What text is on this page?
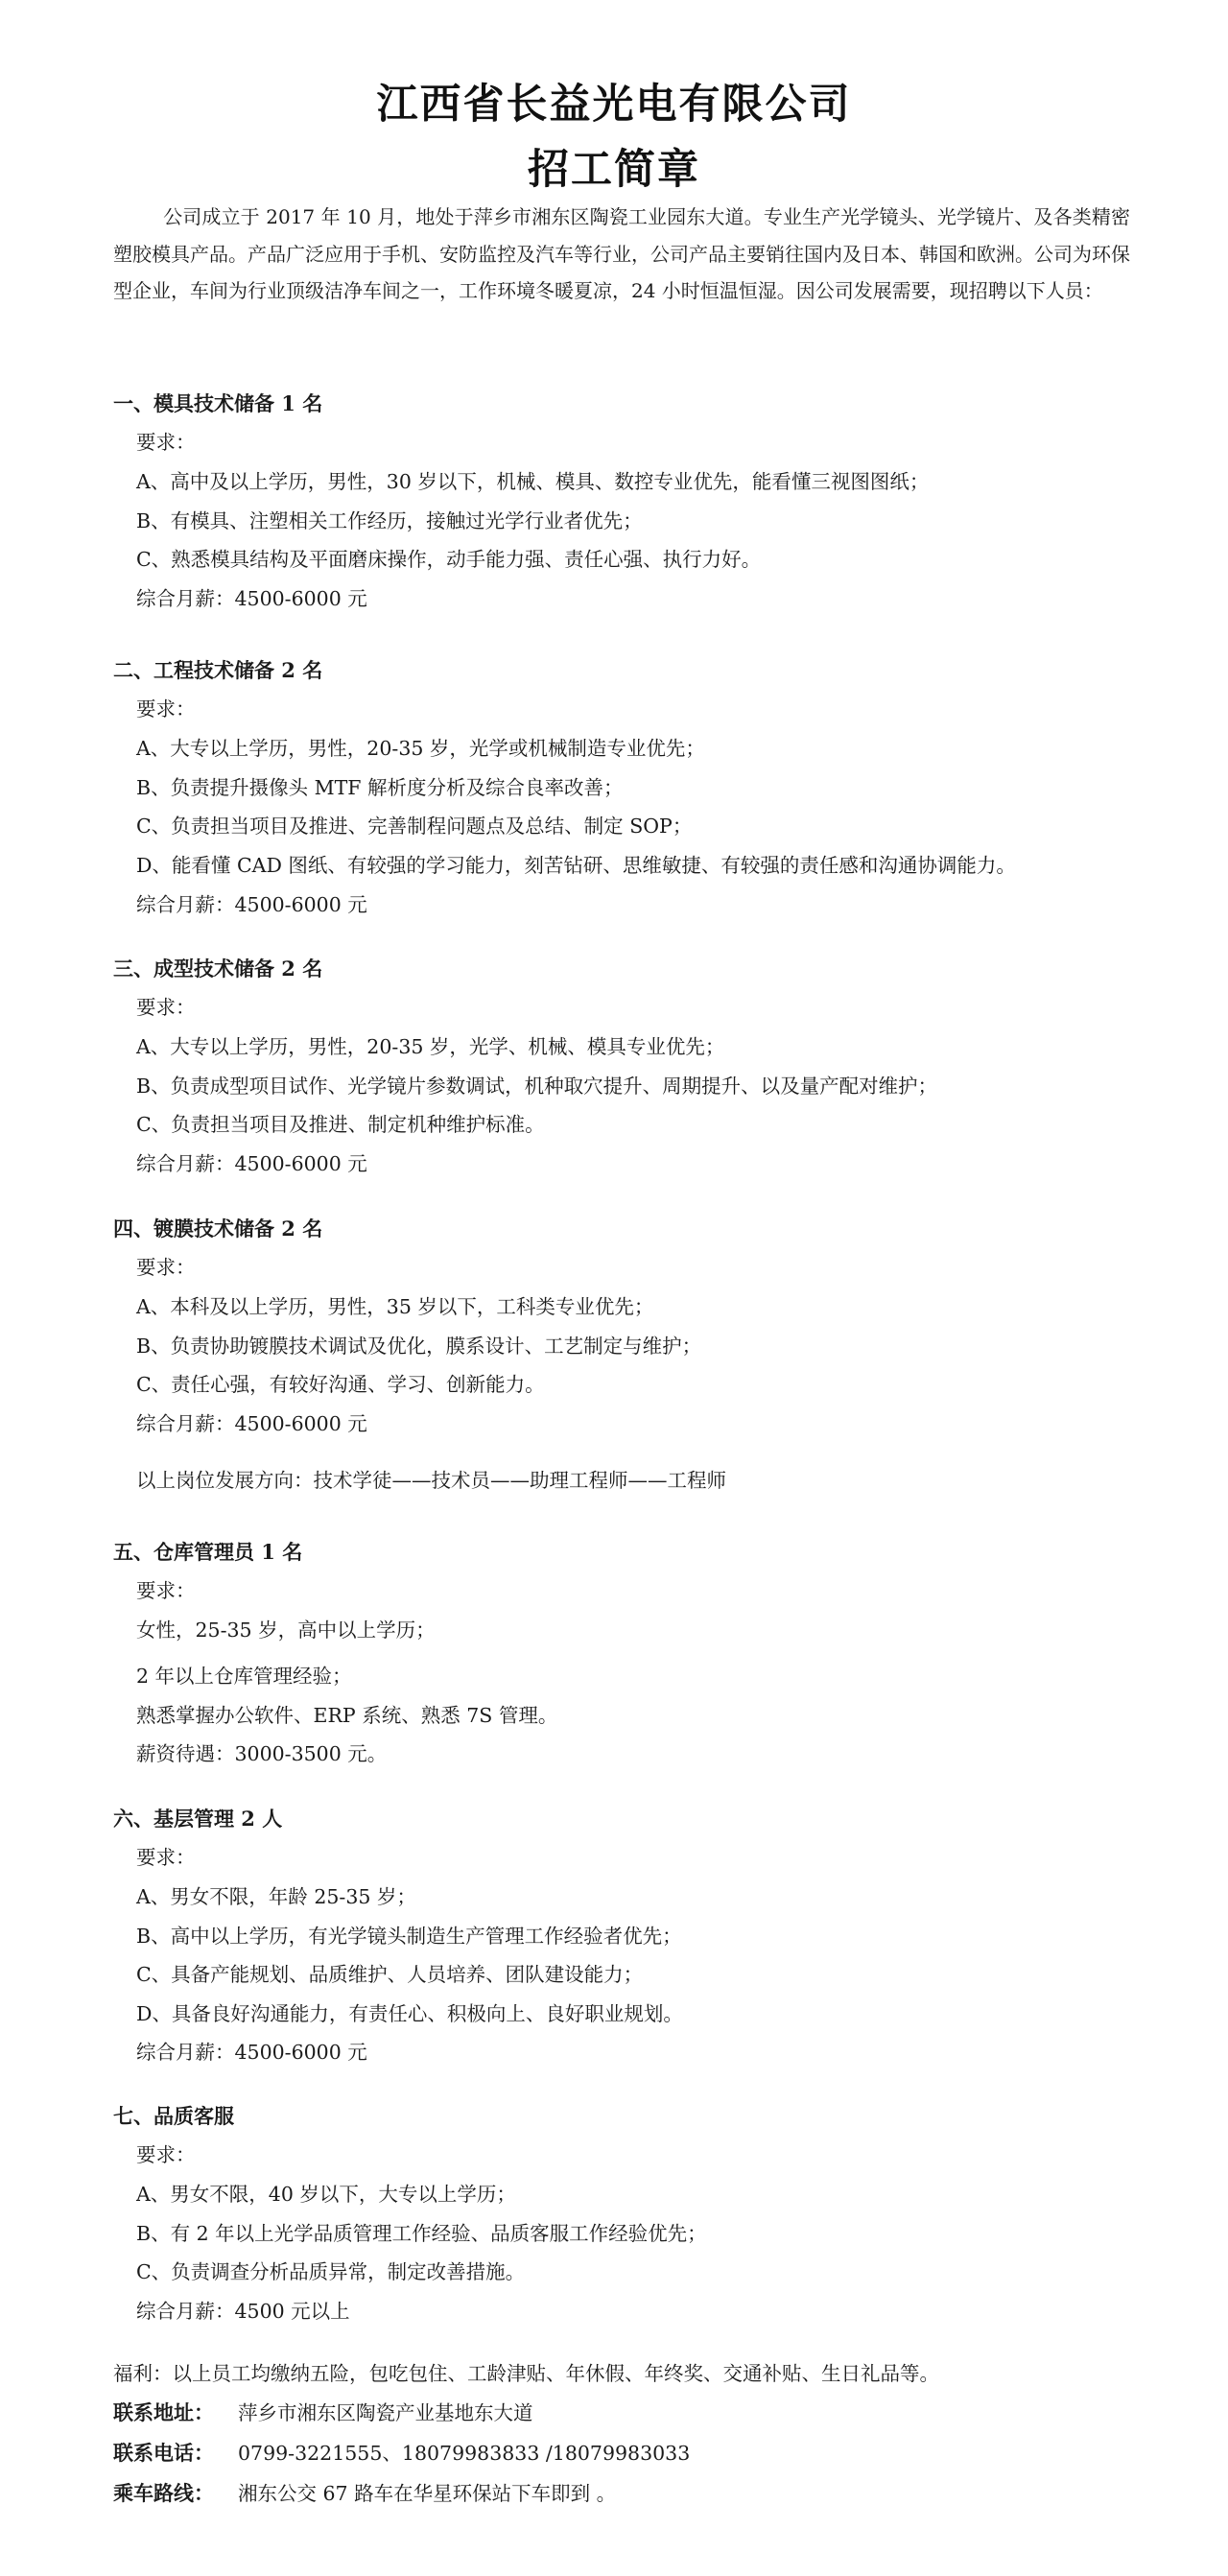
江西省长益光电有限公司
招工简章
公司成立于 2017 年 10 月，地处于萍乡市湘东区陶瓷工业园东大道。专业生产光学镜头、光学镜片、及各类精密塑胶模具产品。产品广泛应用于手机、安防监控及汽车等行业，公司产品主要销往国内及日本、韩国和欧洲。公司为环保型企业，车间为行业顶级洁净车间之一，工作环境冬暖夏凉，24 小时恒温恒湿。因公司发展需要，现招聘以下人员：
一、模具技术储备 1 名
要求：
A、高中及以上学历，男性，30 岁以下，机械、模具、数控专业优先，能看懂三视图图纸；
B、有模具、注塑相关工作经历，接触过光学行业者优先；
C、熟悉模具结构及平面磨床操作，动手能力强、责任心强、执行力好。
综合月薪：4500-6000 元
二、工程技术储备 2 名
要求：
A、大专以上学历，男性，20-35 岁，光学或机械制造专业优先；
B、负责提升摄像头 MTF 解析度分析及综合良率改善；
C、负责担当项目及推进、完善制程问题点及总结、制定 SOP；
D、能看懂 CAD 图纸、有较强的学习能力，刻苦钻研、思维敏捷、有较强的责任感和沟通协调能力。
综合月薪：4500-6000 元
三、成型技术储备 2 名
要求：
A、大专以上学历，男性，20-35 岁，光学、机械、模具专业优先；
B、负责成型项目试作、光学镜片参数调试，机种取穴提升、周期提升、以及量产配对维护；
C、负责担当项目及推进、制定机种维护标准。
综合月薪：4500-6000 元
四、镀膜技术储备 2 名
要求：
A、本科及以上学历，男性，35 岁以下，工科类专业优先；
B、负责协助镀膜技术调试及优化，膜系设计、工艺制定与维护；
C、责任心强，有较好沟通、学习、创新能力。
综合月薪：4500-6000 元
以上岗位发展方向：技术学徒——技术员——助理工程师——工程师
五、仓库管理员 1 名
要求：
女性，25-35 岁，高中以上学历；
2 年以上仓库管理经验；
熟悉掌握办公软件、ERP 系统、熟悉 7S 管理。
薪资待遇：3000-3500 元。
六、基层管理 2 人
要求：
A、男女不限，年龄 25-35 岁；
B、高中以上学历，有光学镜头制造生产管理工作经验者优先；
C、具备产能规划、品质维护、人员培养、团队建设能力；
D、具备良好沟通能力，有责任心、积极向上、良好职业规划。
综合月薪：4500-6000 元
七、品质客服
要求：
A、男女不限，40 岁以下，大专以上学历；
B、有 2 年以上光学品质管理工作经验、品质客服工作经验优先；
C、负责调查分析品质异常，制定改善措施。
综合月薪：4500 元以上
福利：以上员工均缴纳五险，包吃包住、工龄津贴、年休假、年终奖、交通补贴、生日礼品等。
联系地址： 萍乡市湘东区陶瓷产业基地东大道
联系电话： 0799-3221555、18079983833 /18079983033
乘车路线： 湘东公交 67 路车在华星环保站下车即到 。
